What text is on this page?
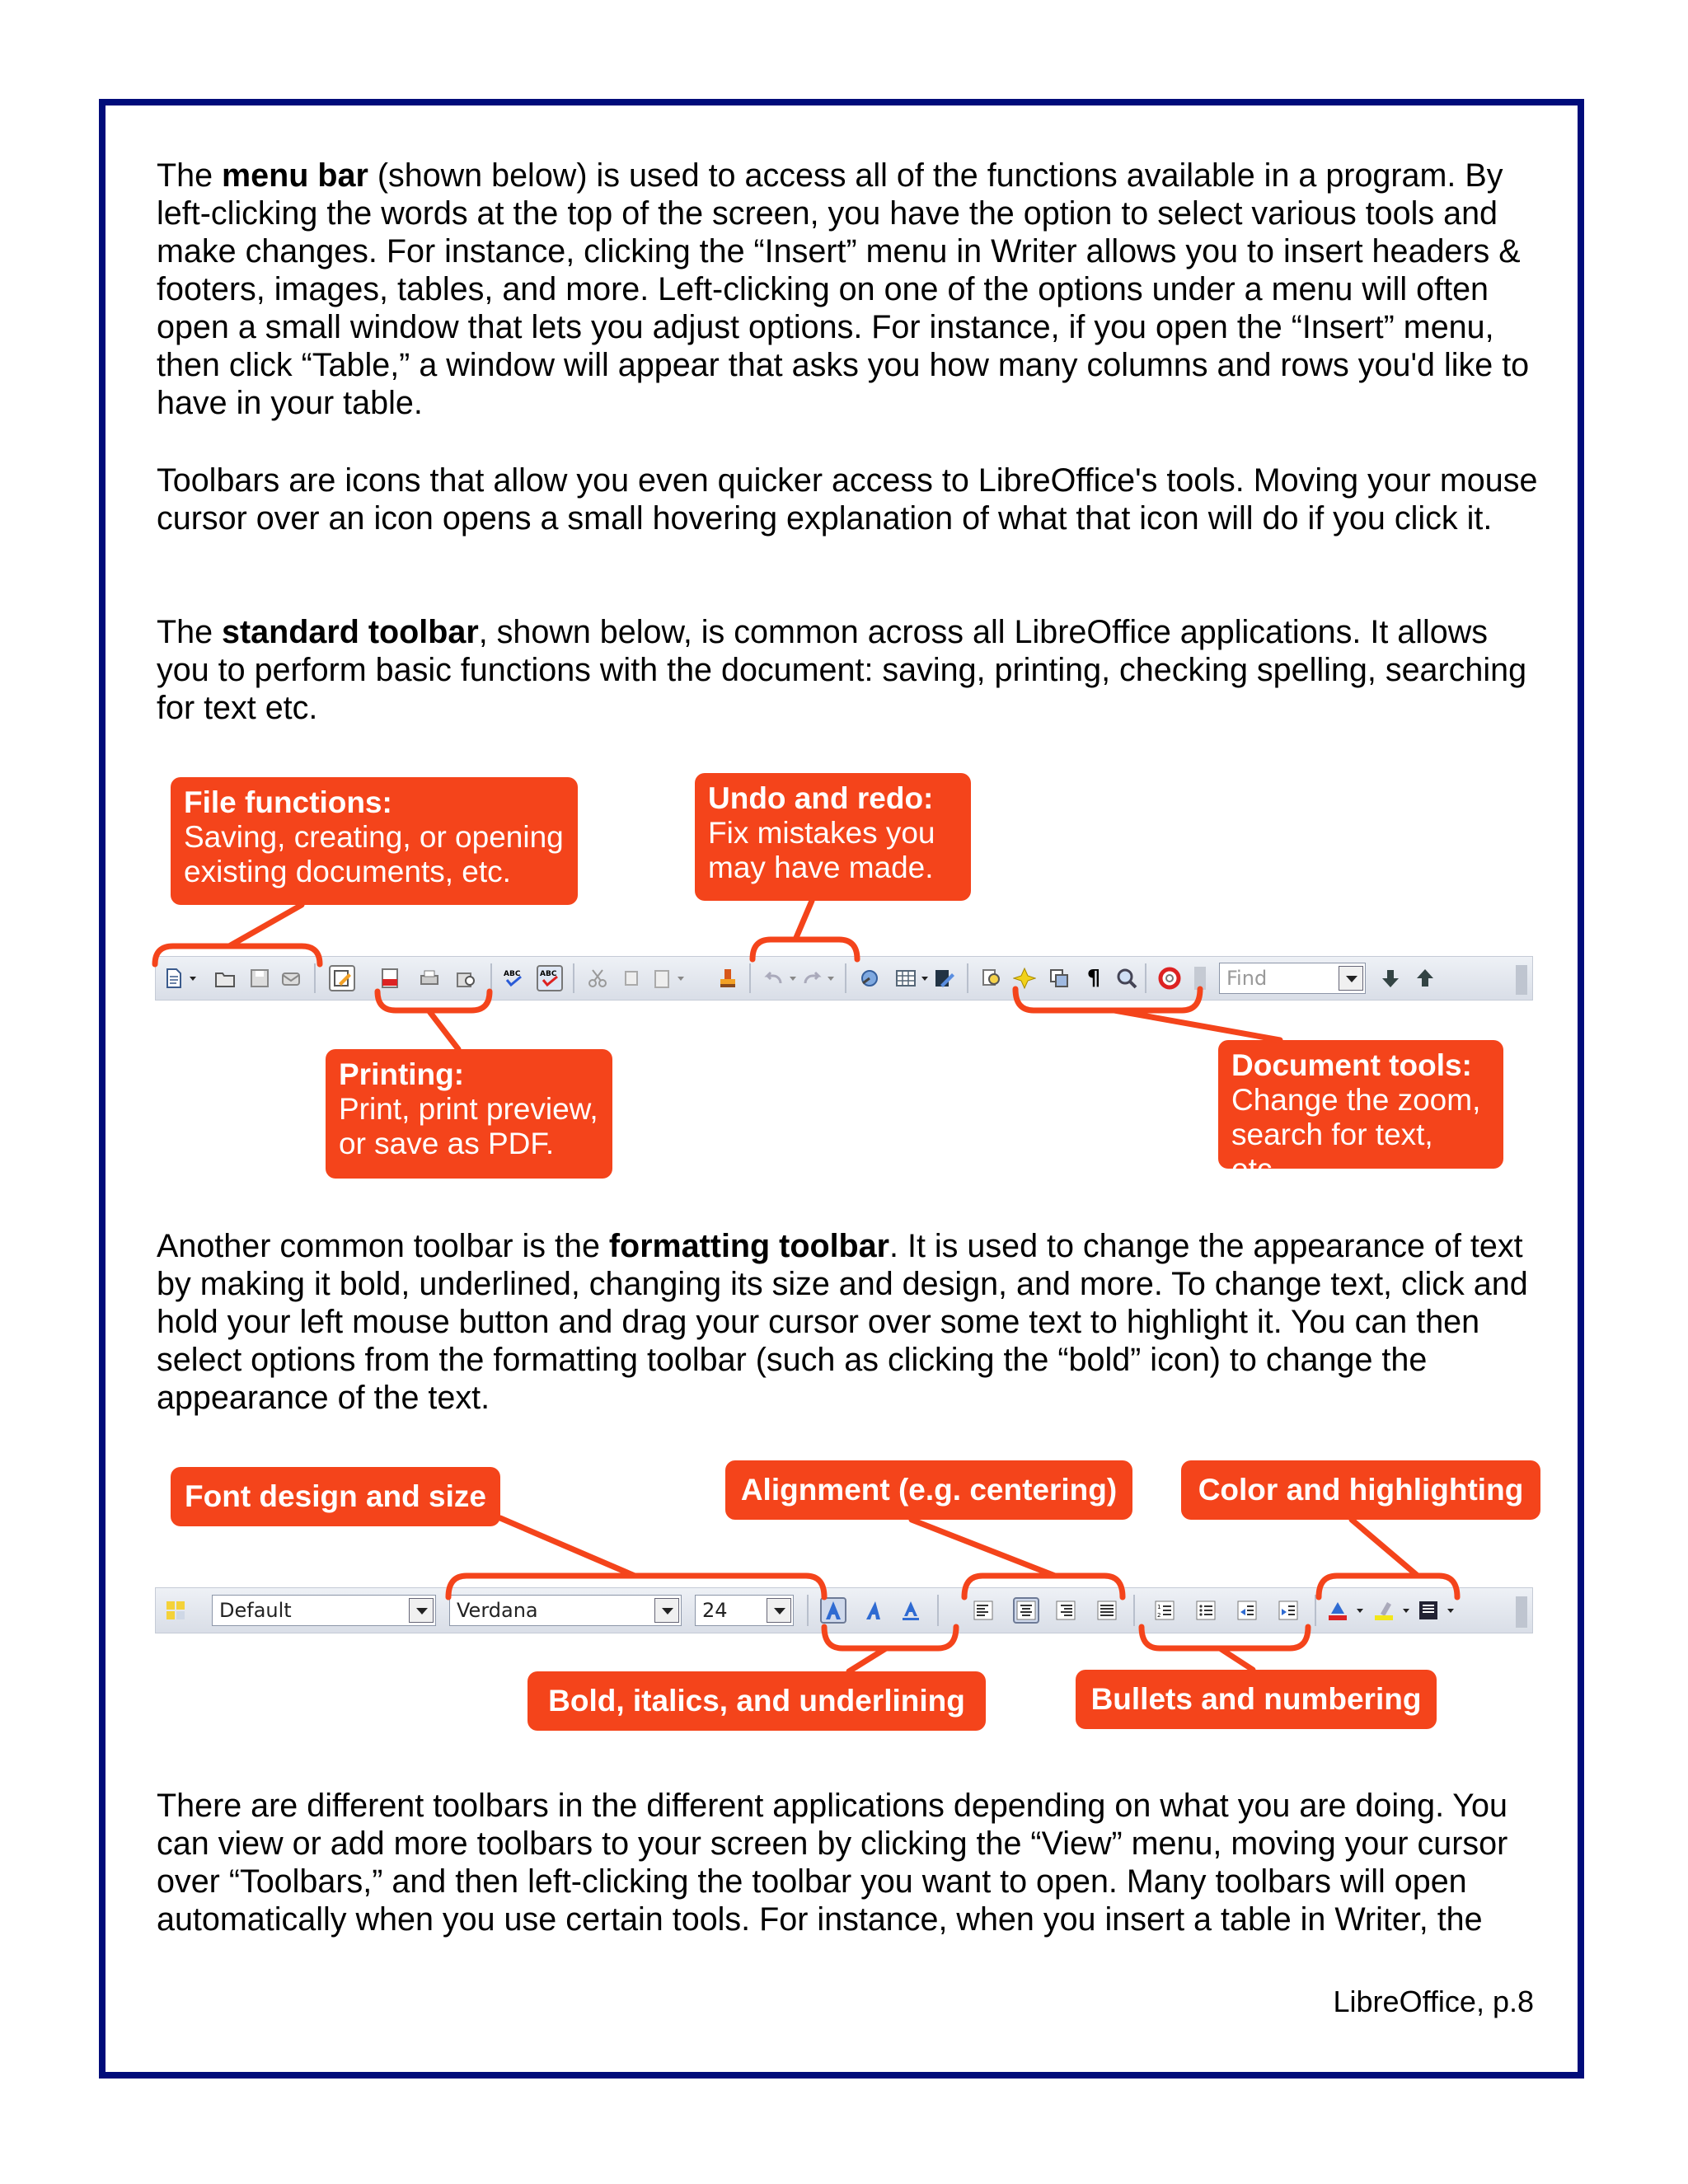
The menu bar (shown below) is used to access all of the functions available in a program. By left-clicking the words at the top of the screen, you have the option to select various tools and make changes. For instance, clicking the “Insert” menu in Writer allows you to insert headers & footers, images, tables, and more. Left-clicking on one of the options under a menu will often open a small window that lets you adjust options. For instance, if you open the “Insert” menu, then click “Table,” a window will appear that asks you how many columns and rows you'd like to have in your table.

Toolbars are icons that allow you even quicker access to LibreOffice's tools. Moving your mouse cursor over an icon opens a small hovering explanation of what that icon will do if you click it.

The standard toolbar, shown below, is common across all LibreOffice applications. It allows you to perform basic functions with the document: saving, printing, checking spelling, searching for text etc.

File functions:
Saving, creating, or opening existing documents, etc.
Undo and redo:
Fix mistakes you may have made.
Printing:
Print, print preview, or save as PDF.
Document tools:
Change the zoom, search for text, etc.
ABC	ABC	¶	Find

Another common toolbar is the formatting toolbar. It is used to change the appearance of text by making it bold, underlined, changing its size and design, and more. To change text, click and hold your left mouse button and drag your cursor over some text to highlight it. You can then select options from the formatting toolbar (such as clicking the “bold” icon) to change the appearance of the text.

Font design and size	Alignment (e.g. centering)	Color and highlighting
Bold, italics, and underlining	Bullets and numbering
Default	Verdana	24	1
2

There are different toolbars in the different applications depending on what you are doing. You can view or add more toolbars to your screen by clicking the “View” menu, moving your cursor over “Toolbars,” and then left-clicking the toolbar you want to open. Many toolbars will open automatically when you use certain tools. For instance, when you insert a table in Writer, the

LibreOffice, p.8
